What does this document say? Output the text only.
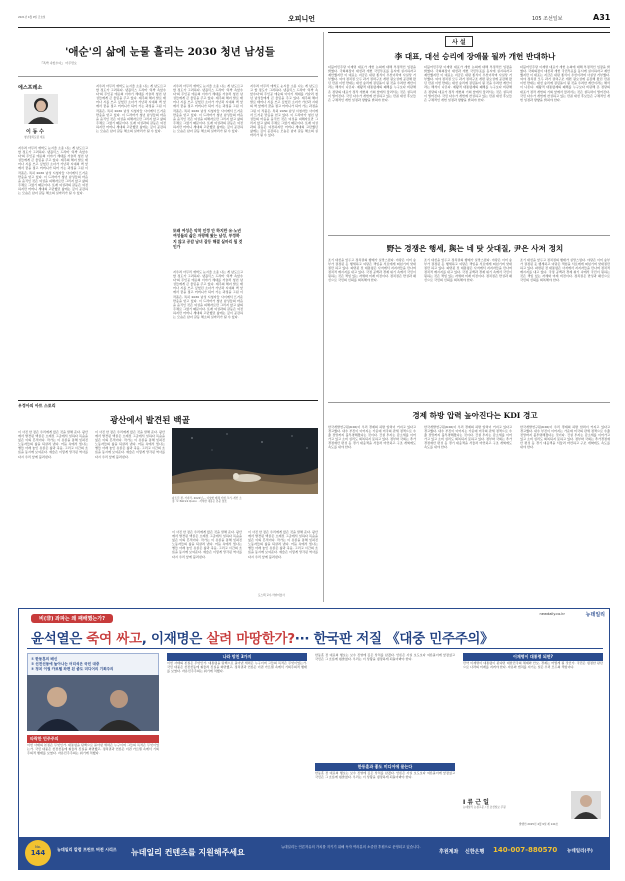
2021년 4월 9일 금요일	오피니언	105 조선일보	A31
'애순'의 삶에 눈물 흘리는 2030 청년 남성들
『폭싹 속았수다』 아주먼요
에스프레소
이 동 수
청년정치포럼 대표
지우려 아무리 애써도 눈시울 소용 나는 게 남도르고 할 정도가 그러하다. 넷플릭스 드라마 '폭싹 속았수다'의 주인공 애순의 이야기 세대를 거슬러 청년 남성들에게 큰 울림을 주고 있다. 제주의 해녀 딸로 태어나 시를 쓰고 싶었던 소녀가 가난과 시대의 벽 앞에서 꿈을 접고 어머니가 되어 가는 과정을 그린 이 작품은, 특히 2030 남성 시청자들 사이에서 뜨거운 반응을 얻고 있다. 이 드라마가 청년 남성들의 마음을 움직인 것은 여성을 피해자로만 그리지 않고 삶의 주체로 그렸기 때문이다. 또래 여성과의 갈등은 여전하지만 어머니 세대의 고단했던 삶에는 깊이 공감하는 모습은 남녀 갈등 해소의 실마리가 될 수 있다.
지우려 아무리 애써도 눈시울 소용 나는 게 남도르고 할 정도가 그러하다. 넷플릭스 드라마 '폭싹 속았수다'의 주인공 애순의 이야기 세대를 거슬러 청년 남성들에게 큰 울림을 주고 있다. 제주의 해녀 딸로 태어나 시를 쓰고 싶었던 소녀가 가난과 시대의 벽 앞에서 꿈을 접고 어머니가 되어 가는 과정을 그린 이 작품은, 특히 2030 남성 시청자들 사이에서 뜨거운 반응을 얻고 있다. 이 드라마가 청년 남성들의 마음을 움직인 것은 여성을 피해자로만 그리지 않고 삶의 주체로 그렸기 때문이다. 또래 여성과의 갈등은 여전하지만 어머니 세대의 고단했던 삶에는 깊이 공감하는 모습은 남녀 갈등 해소의 실마리가 될 수 있다.
지우려 아무리 애써도 눈시울 소용 나는 게 남도르고 할 정도가 그러하다. 넷플릭스 드라마 '폭싹 속았수다'의 주인공 애순의 이야기 세대를 거슬러 청년 남성들에게 큰 울림을 주고 있다. 제주의 해녀 딸로 태어나 시를 쓰고 싶었던 소녀가 가난과 시대의 벽 앞에서 꿈을 접고 어머니가 되어 가는 과정을 그린 이 작품은, 특히 2030 남성 시청자들 사이에서 뜨거운 반응을 얻고 있다. 이 드라마가 청년 남성들의 마음을 움직인 것은 여성을 피해자로만 그리지 않고 삶의 주체로 그렸기 때문이다. 또래 여성과의 갈등은 여전하지만 어머니 세대의 고단했던 삶에는 깊이 공감하는 모습은 남녀 갈등 해소의 실마리가 될 수 있다.
또래 여성은 악착 인정 안 하지만 유·노년 여성들의 삶은 자랑해 왔는 남성, 부정하지 않고 공감 남녀 갈등 해결 실마리 될 것인가
지우려 아무리 애써도 눈시울 소용 나는 게 남도르고 할 정도가 그러하다. 넷플릭스 드라마 '폭싹 속았수다'의 주인공 애순의 이야기 세대를 거슬러 청년 남성들에게 큰 울림을 주고 있다. 제주의 해녀 딸로 태어나 시를 쓰고 싶었던 소녀가 가난과 시대의 벽 앞에서 꿈을 접고 어머니가 되어 가는 과정을 그린 이 작품은, 특히 2030 남성 시청자들 사이에서 뜨거운 반응을 얻고 있다. 이 드라마가 청년 남성들의 마음을 움직인 것은 여성을 피해자로만 그리지 않고 삶의 주체로 그렸기 때문이다. 또래 여성과의 갈등은 여전하지만 어머니 세대의 고단했던 삶에는 깊이 공감하는 모습은 남녀 갈등 해소의 실마리가 될 수 있다.
지우려 아무리 애써도 눈시울 소용 나는 게 남도르고 할 정도가 그러하다. 넷플릭스 드라마 '폭싹 속았수다'의 주인공 애순의 이야기 세대를 거슬러 청년 남성들에게 큰 울림을 주고 있다. 제주의 해녀 딸로 태어나 시를 쓰고 싶었던 소녀가 가난과 시대의 벽 앞에서 꿈을 접고 어머니가 되어 가는 과정을 그린 이 작품은, 특히 2030 남성 시청자들 사이에서 뜨거운 반응을 얻고 있다. 이 드라마가 청년 남성들의 마음을 움직인 것은 여성을 피해자로만 그리지 않고 삶의 주체로 그렸기 때문이다. 또래 여성과의 갈등은 여전하지만 어머니 세대의 고단했던 삶에는 깊이 공감하는 모습은 남녀 갈등 해소의 실마리가 될 수 있다.
우정아의 아트 스토리
광산에서 발견된 백골
이 사진 한 장은 우리에게 많은 것을 말해 준다. 광산에서 발견된 백골은 오래전 그곳에서 일하다 목숨을 잃은 이의 흔적이다. 작가는 이 유골을 통해 잊혀진 노동자들의 삶을 되살려 낸다. 어둠 속에서 빛나는 별들 아래 놓인 유골은 삶과 죽음, 그리고 시간의 흐름을 동시에 보여준다. 예술은 이렇게 망각된 역사를 다시 우리 앞에 불러낸다.
이 사진 한 장은 우리에게 많은 것을 말해 준다. 광산에서 발견된 백골은 오래전 그곳에서 일하다 목숨을 잃은 이의 흔적이다. 작가는 이 유골을 통해 잊혀진 노동자들의 삶을 되살려 낸다. 어둠 속에서 빛나는 별들 아래 놓인 유골은 삶과 죽음, 그리고 시간의 흐름을 동시에 보여준다. 예술은 이렇게 망각된 역사를 다시 우리 앞에 불러낸다.
이 사진 한 장은 우리에게 많은 것을 말해 준다. 광산에서 발견된 백골은 오래전 그곳에서 일하다 목숨을 잃은 이의 흔적이다. 작가는 이 유골을 통해 잊혀진 노동자들의 삶을 되살려 낸다. 어둠 속에서 빛나는 별들 아래 놓인 유골은 삶과 죽음, 그리고 시간의 흐름을 동시에 보여준다. 예술은 이렇게 망각된 역사를 다시 우리 앞에 불러낸다.
이 사진 한 장은 우리에게 많은 것을 말해 준다. 광산에서 발견된 백골은 오래전 그곳에서 일하다 목숨을 잃은 이의 흔적이다. 작가는 이 유골을 통해 잊혀진 노동자들의 삶을 되살려 낸다. 어둠 속에서 빛나는 별들 아래 놓인 유골은 삶과 죽음, 그리고 시간의 흐름을 동시에 보여준다. 예술은 이렇게 망각된 역사를 다시 우리 앞에 불러낸다.
파트릭 퀸, 가자라, 2022년~, 다양한 매체 가변 크기, 개인 소장. © Patrick Quinn · 자세한 내용은 본문 참조
포스텍 교수·서양미술사
사 설
李 대표, 대선 승리에 장애물 될까 개헌 반대하나
더불어민주당 이재명 대표가 개헌 논의에 대해 부정적인 입장을 밝혔다. 국회의장이 대선과 개헌 국민투표를 동시에 실시하자고 제안했지만 이 대표는 지금은 내란 종식이 우선이라며 사실상 거부했다. 여야 정치권 모두 과거 권력구조 개편 필요성에 공감해 왔던 만큼 이번 반대는 대선 승리에 걸림돌이 될 것을 우려한 계산이라는 해석이 나온다. 제왕적 대통령제의 폐해를 누구보다 비판해 온 정당의 대표가 정작 개헌의 기회 앞에서 물러서는 것은 설득력이 떨어진다. 국민 다수가 개헌에 찬성하고 있는 만큼 대선 후보들은 구체적인 개헌 일정과 방향을 밝혀야 한다.
더불어민주당 이재명 대표가 개헌 논의에 대해 부정적인 입장을 밝혔다. 국회의장이 대선과 개헌 국민투표를 동시에 실시하자고 제안했지만 이 대표는 지금은 내란 종식이 우선이라며 사실상 거부했다. 여야 정치권 모두 과거 권력구조 개편 필요성에 공감해 왔던 만큼 이번 반대는 대선 승리에 걸림돌이 될 것을 우려한 계산이라는 해석이 나온다. 제왕적 대통령제의 폐해를 누구보다 비판해 온 정당의 대표가 정작 개헌의 기회 앞에서 물러서는 것은 설득력이 떨어진다. 국민 다수가 개헌에 찬성하고 있는 만큼 대선 후보들은 구체적인 개헌 일정과 방향을 밝혀야 한다.
더불어민주당 이재명 대표가 개헌 논의에 대해 부정적인 입장을 밝혔다. 국회의장이 대선과 개헌 국민투표를 동시에 실시하자고 제안했지만 이 대표는 지금은 내란 종식이 우선이라며 사실상 거부했다. 여야 정치권 모두 과거 권력구조 개편 필요성에 공감해 왔던 만큼 이번 반대는 대선 승리에 걸림돌이 될 것을 우려한 계산이라는 해석이 나온다. 제왕적 대통령제의 폐해를 누구보다 비판해 온 정당의 대표가 정작 개헌의 기회 앞에서 물러서는 것은 설득력이 떨어진다. 국민 다수가 개헌에 찬성하고 있는 만큼 대선 후보들은 구체적인 개헌 일정과 방향을 밝혀야 한다.
野는 경쟁은 행세, 與는 네 탓 삿대질, 尹은 사저 정치
조기 대선을 앞두고 정치권의 행태가 실망스럽다. 야당은 이미 승부가 결정된 듯 행세하고 여당은 책임을 서로에게 떠넘기며 삿대질만 하고 있다. 파면된 전 대통령은 사저에서 지지자들을 만나며 정치적 메시지를 내고 있다. 국정 공백과 경제 위기 속에서 국민이 원하는 것은 책임 있는 자세와 미래 비전이다. 정치권은 반성과 쇄신으로 국민의 신뢰를 회복해야 한다.
조기 대선을 앞두고 정치권의 행태가 실망스럽다. 야당은 이미 승부가 결정된 듯 행세하고 여당은 책임을 서로에게 떠넘기며 삿대질만 하고 있다. 파면된 전 대통령은 사저에서 지지자들을 만나며 정치적 메시지를 내고 있다. 국정 공백과 경제 위기 속에서 국민이 원하는 것은 책임 있는 자세와 미래 비전이다. 정치권은 반성과 쇄신으로 국민의 신뢰를 회복해야 한다.
조기 대선을 앞두고 정치권의 행태가 실망스럽다. 야당은 이미 승부가 결정된 듯 행세하고 여당은 책임을 서로에게 떠넘기며 삿대질만 하고 있다. 파면된 전 대통령은 사저에서 지지자들을 만나며 정치적 메시지를 내고 있다. 국정 공백과 경제 위기 속에서 국민이 원하는 것은 책임 있는 자세와 미래 비전이다. 정치권은 반성과 쇄신으로 국민의 신뢰를 회복해야 한다.
경제 하방 압력 높아진다는 KDI 경고
한국개발연구원(KDI)이 우리 경제의 하방 압력이 커지고 있다고 경고했다. 내수 부진이 이어지는 가운데 미국의 관세 정책으로 수출 전망까지 불투명해졌다는 것이다. 건설 투자는 감소세를 이어가고 있고 소비 심리도 회복되지 못하고 있다. 정부와 국회는 추가경정예산 편성 등 경기 대응책을 서둘러 마련하고 구조 개혁에도 속도를 내야 한다.
한국개발연구원(KDI)이 우리 경제의 하방 압력이 커지고 있다고 경고했다. 내수 부진이 이어지는 가운데 미국의 관세 정책으로 수출 전망까지 불투명해졌다는 것이다. 건설 투자는 감소세를 이어가고 있고 소비 심리도 회복되지 못하고 있다. 정부와 국회는 추가경정예산 편성 등 경기 대응책을 서둘러 마련하고 구조 개혁에도 속도를 내야 한다.
한국개발연구원(KDI)이 우리 경제의 하방 압력이 커지고 있다고 경고했다. 내수 부진이 이어지는 가운데 미국의 관세 정책으로 수출 전망까지 불투명해졌다는 것이다. 건설 투자는 감소세를 이어가고 있고 소비 심리도 회복되지 못하고 있다. 정부와 국회는 추가경정예산 편성 등 경기 대응책을 서둘러 마련하고 구조 개혁에도 속도를 내야 한다.
newdaily.co.kr	뉴데일리
비(非) 좌파는 왜 패배했는가?
윤석열은 죽여 싸고, 이재명은 살려 마땅한가?··· 한국판 저질 《대중 민주주의》
① 한동훈의 배신
② 선전선동에 놀아나는 어리석은 국민 대중
③ 정치 이권 카르텔 좌편 된 좋도 미디어의 기회주의
타락한 민주주의
이번 사태의 본질은 무엇인가. 대통령을 탄핵으로 몰아낸 세력은 누구이며 그들의 목적은 무엇이었는가. 국민 대중은 선전선동에 휘둘려 진실을 외면했고, 정치권과 언론은 이권 카르텔 속에서 기회주의적 행태를 보였다. 자유민주주의는 위기에 처했다.
나라 망친 3가지
이번 사태의 본질은 무엇인가. 대통령을 탄핵으로 몰아낸 세력은 누구이며 그들의 목적은 무엇이었는가. 국민 대중은 선전선동에 휘둘려 진실을 외면했고, 정치권과 언론은 이권 카르텔 속에서 기회주의적 행태를 보였다. 자유민주주의는 위기에 처했다.
한동훈 전 대표의 행보는 보수 진영에 깊은 상처를 남겼다. 언론은 사실 보도보다 여론몰이에 앞장섰고 국민은 그 흐름에 휩쓸렸다. 우리는 이 상황을 냉정하게 되돌아봐야 한다.
한동훈과 좋도 미디어에 묻는다
한동훈 전 대표의 행보는 보수 진영에 깊은 상처를 남겼다. 언론은 사실 보도보다 여론몰이에 앞장섰고 국민은 그 흐름에 휩쓸렸다. 우리는 이 상황을 냉정하게 되돌아봐야 한다.
이재명이 대통령 되면?
만약 이재명이 대통령이 된다면 대한민국의 체제와 안보, 경제는 어떻게 될 것인가. 국민은 냉정한 판단으로 나라의 미래를 지켜야 한다. 자유와 법치를 지키는 일은 우리 모두의 책임이다.
Ⅰ 류 근 일
뉴데일리 논설고문 / 전 조선일보 주필
발행인:2025년 4월 9일 제 144호
No.
144	뉴데일리 칼럼 프린트 버전 시리즈	뉴데일리 컨텐츠를 지원해주세요
뉴데일리는 언론자유의 가치를 지키기 위해 독자 여러분의 소중한 후원으로 운영되고 있습니다.
후원계좌 신한은행 140-007-880570 뉴데일리(주)
